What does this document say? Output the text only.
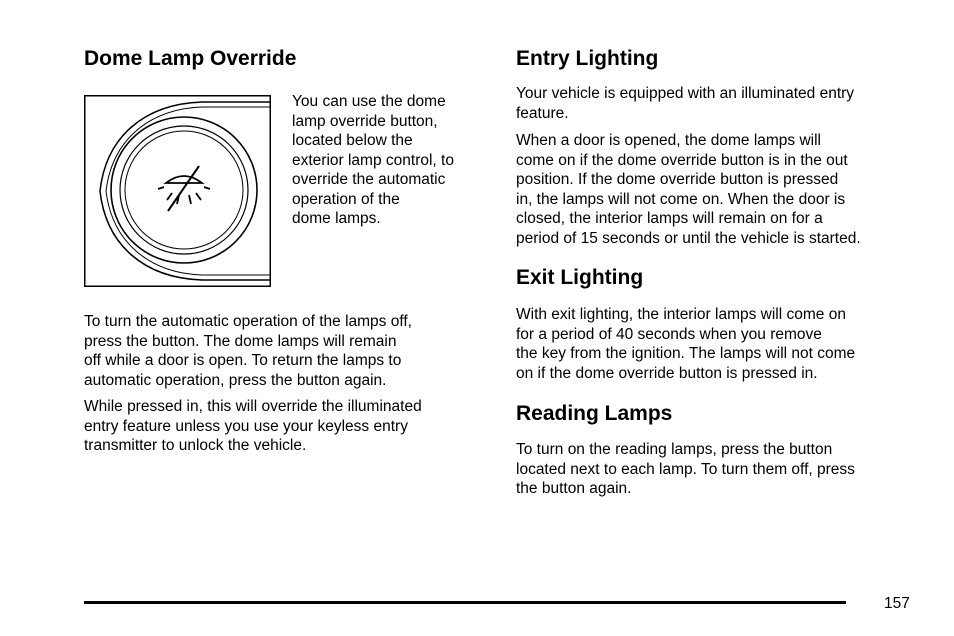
Dome Lamp Override

You can use the dome
lamp override button,
located below the
exterior lamp control, to
override the automatic
operation of the
dome lamps.

To turn the automatic operation of the lamps off,
press the button. The dome lamps will remain
off while a door is open. To return the lamps to
automatic operation, press the button again.

While pressed in, this will override the illuminated
entry feature unless you use your keyless entry
transmitter to unlock the vehicle.

Entry Lighting

Your vehicle is equipped with an illuminated entry
feature.

When a door is opened, the dome lamps will
come on if the dome override button is in the out
position. If the dome override button is pressed
in, the lamps will not come on. When the door is
closed, the interior lamps will remain on for a
period of 15 seconds or until the vehicle is started.

Exit Lighting

With exit lighting, the interior lamps will come on
for a period of 40 seconds when you remove
the key from the ignition. The lamps will not come
on if the dome override button is pressed in.

Reading Lamps

To turn on the reading lamps, press the button
located next to each lamp. To turn them off, press
the button again.

157
